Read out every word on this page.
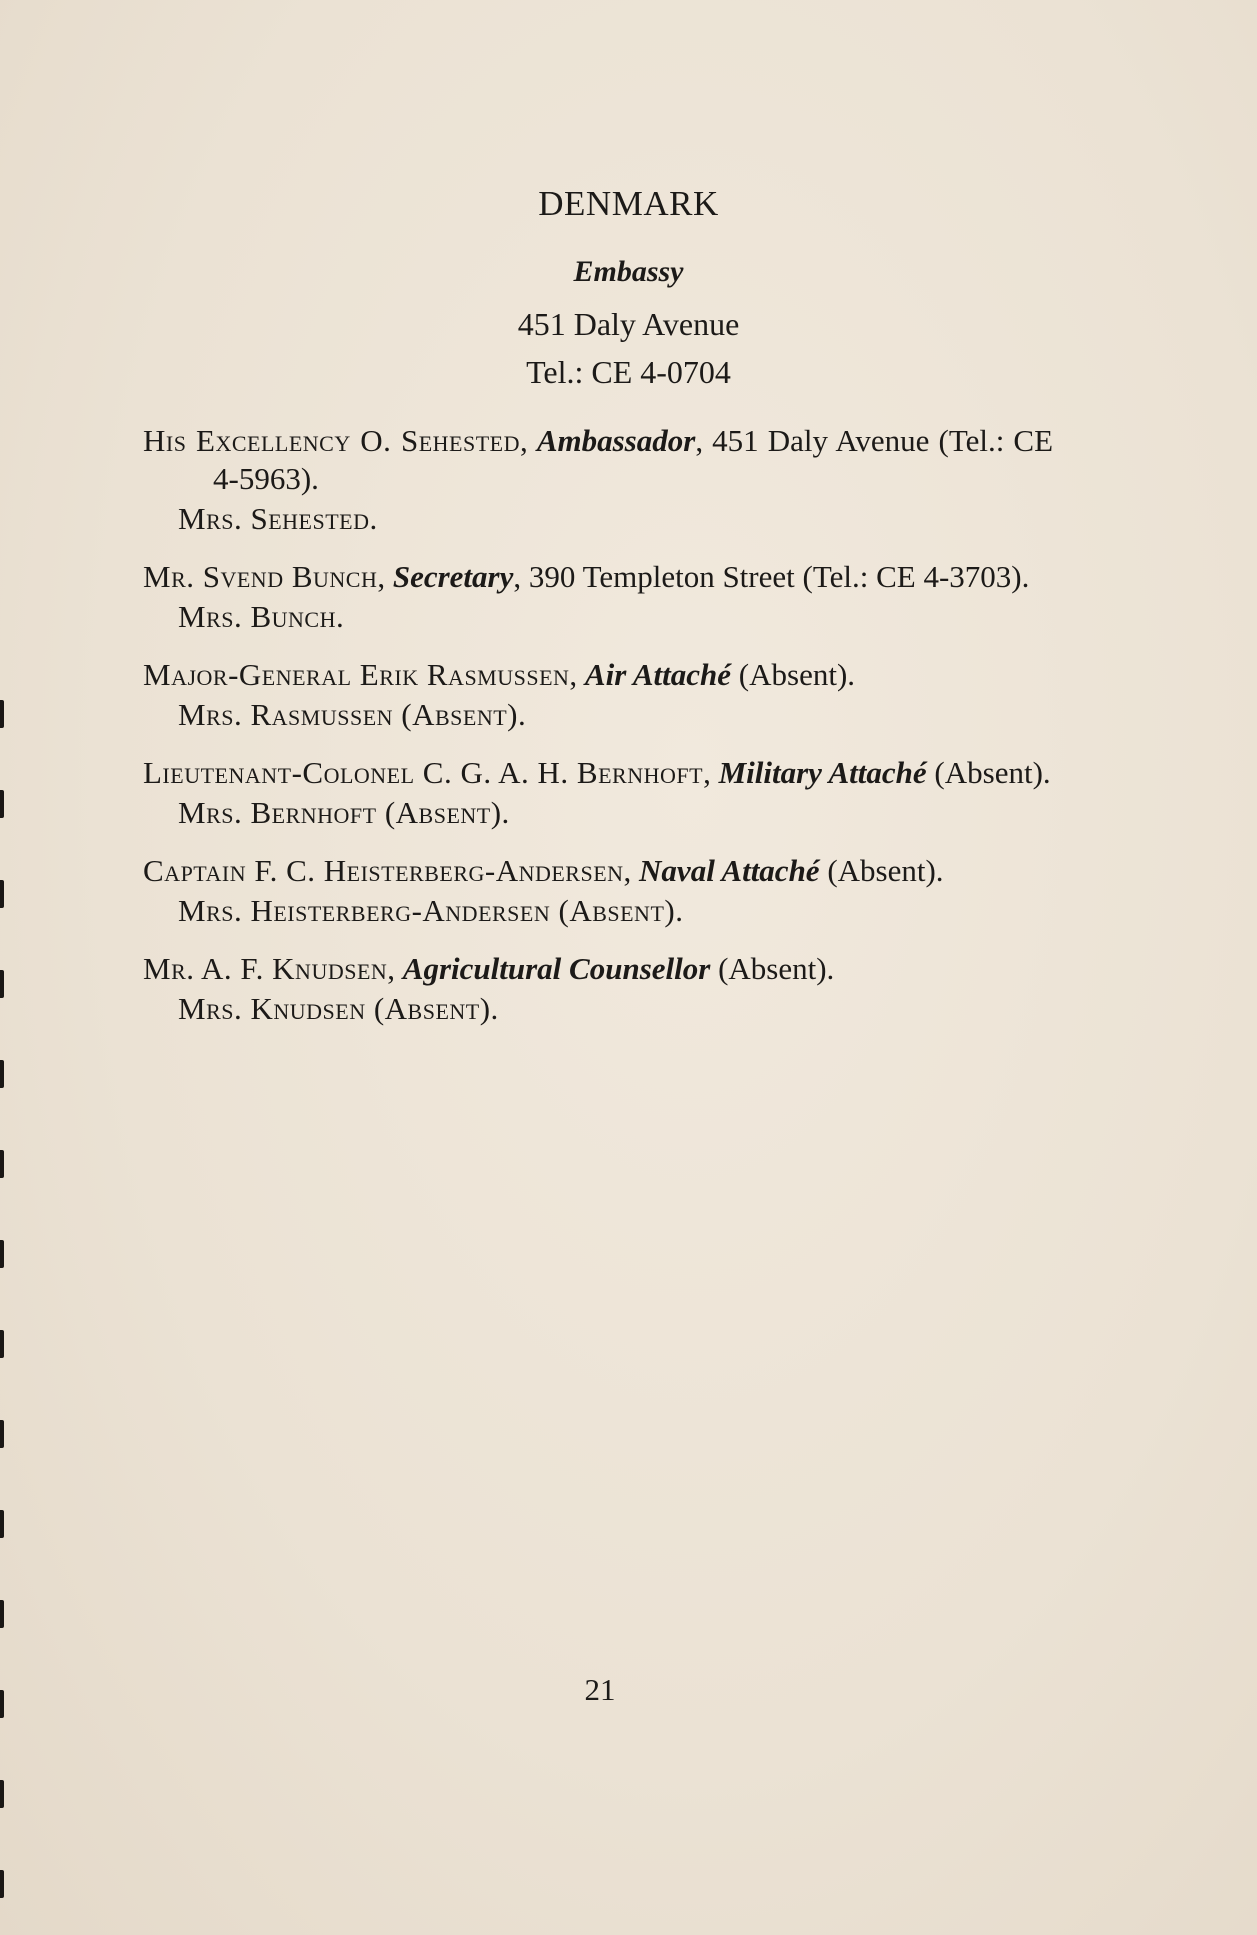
DENMARK
Embassy
451 Daly Avenue
Tel.: CE 4-0704
His Excellency O. Sehested, Ambassador, 451 Daly Avenue (Tel.: CE 4-5963).
Mrs. Sehested.
Mr. Svend Bunch, Secretary, 390 Templeton Street (Tel.: CE 4-3703).
Mrs. Bunch.
Major-General Erik Rasmussen, Air Attaché (Absent).
Mrs. Rasmussen (Absent).
Lieutenant-Colonel C. G. A. H. Bernhoft, Military Attaché (Absent).
Mrs. Bernhoft (Absent).
Captain F. C. Heisterberg-Andersen, Naval Attaché (Absent).
Mrs. Heisterberg-Andersen (Absent).
Mr. A. F. Knudsen, Agricultural Counsellor (Absent).
Mrs. Knudsen (Absent).
21
